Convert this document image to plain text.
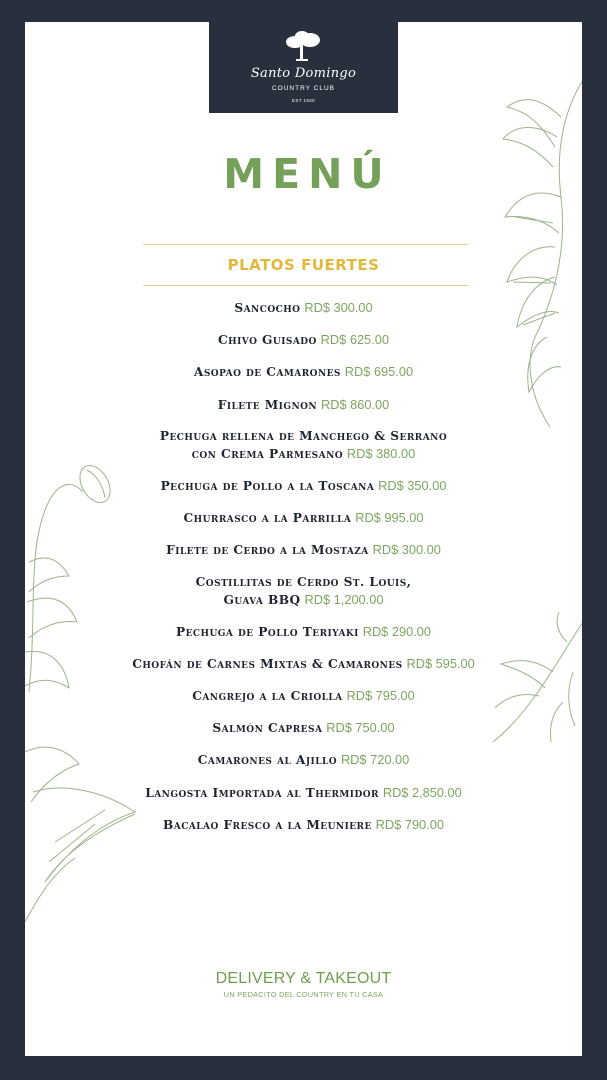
Santo Domingo
COUNTRY CLUB
EST 1920
MENÚ
PLATOS FUERTES
Sancocho RD$ 300.00
Chivo Guisado RD$ 625.00
Asopao de Camarones RD$ 695.00
Filete Mignon RD$ 860.00
Pechuga rellena de Manchego & Serrano
con Crema Parmesano RD$ 380.00
Pechuga de Pollo a la Toscana RD$ 350.00
Churrasco a la Parrilla RD$ 995.00
Filete de Cerdo a la Mostaza RD$ 300.00
Costillitas de Cerdo St. Louis,
Guava BBQ RD$ 1,200.00
Pechuga de Pollo Teriyaki RD$ 290.00
Chofán de Carnes Mixtas & Camarones RD$ 595.00
Cangrejo a la Criolla RD$ 795.00
Salmón Capresa RD$ 750.00
Camarones al Ajillo RD$ 720.00
Langosta Importada al Thermidor RD$ 2,850.00
Bacalao Fresco a la Meuniere RD$ 790.00
DELIVERY & TAKEOUT
UN PEDACITO DEL COUNTRY EN TU CASA
